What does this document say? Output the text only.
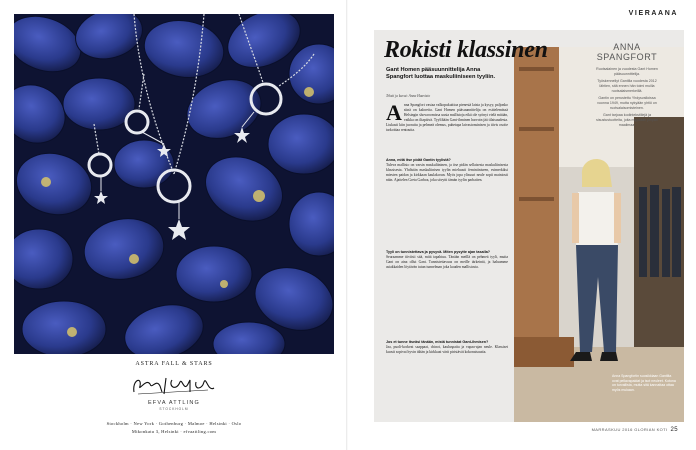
ASTRA FALL & STARS
EFVA ATTLING
STOCKHOLM
Stockholm · New York · Gothenburg · Malmoe · Helsinki · Oslo
Mikonkatu 3, Helsinki · efvaattling.com
VIERAANA
Rokisti klassinen
Gant Homen pääsuunnittelija Anna Spangfort luottaa maskuliiniseen tyyliin.
Teksti ja kuvat: Anna Haavisto

Anna Spangfort vastaa valkopukuittoa pienestä laista ja kysyy, paljonko siinä on kaloreita. Gant Homen pääsuunnittelija on esittelemässä Helsingin showroomissa uusia mallistoja eikä ole syönyt vielä mitään, vaikka on iltapäivä. Tyyliltään Gant-ihminen harvoin jää tilaisuudesta. Liukasti kiin juoruttu ja pehmeä olemus, puhetapa laivastonsinisen ja tiivis osoite tarkoittaa rentoutta.

Anna, mitä itse pidät Gantin tyylistä?

Tuleva mallisto on varsin maskuliininen, ja itse pidän sellaisesta maskuliinisesta klassisesta. Yhdistän maskuliinisen tyylin mieluusti feminiiniseen, esimerkiksi miesten paidan ja kirkkaan kaulakorun. Myös jopa ylisuuri neule sopii mainiosti näin. Ajattelen Greta Garboa, joka sävytti tämän tyylin parhaiten.

Tyyli on tunnistettava ja pysyvä. Miten pysytte ajan tasalla?

Seuraamme tiiviisti sitä, mitä tapahtuu. Tänään meillä on pehmeä tyyli, mutta Gant on aina ollut Gant. Tunnistettavuus on meille tärkeintä, ja haluamme asiakkaiden löytävän tutun tunnelman joka kauden mallistosta.

Jos et tunne itseäsi tänään, mistä tunnistat Gant-ihmisen?

Jaa, puoli-korkeat saappaat, chinot, kauluspaita ja vapaa-ajan neule. Klassiset kuosit sopivat hyvin tähän ja kirkkaat värit piristävät kokonaisuutta.

ANNA SPANGFORT

Ruotsalainen ja vuodesta Gant Homen pääsuunnittelija.

Työskennellyt Gantilla vuodesta 2012 lähtien, sitä ennen hän toimi muilla ruotsalaismerkeillä.

Gantin on perustettu Yhdysvalloissa vuonna 1949, mutta nykyään yhtiö on ruotsalaisomisteinen.

Gant tarjoaa kodintekstiilejä ja sisustustuotteita, joita myydään ympäri maailmaa.

Anna Spangfortin suosikkiaan Gantilta ovat pellavapaidat ja isot neuleet. Kotona on turvallista, mutta sitä kannattaa ottaa myös mukaan.
MARRASKUU 2016 GLORIAN KOTI 25
